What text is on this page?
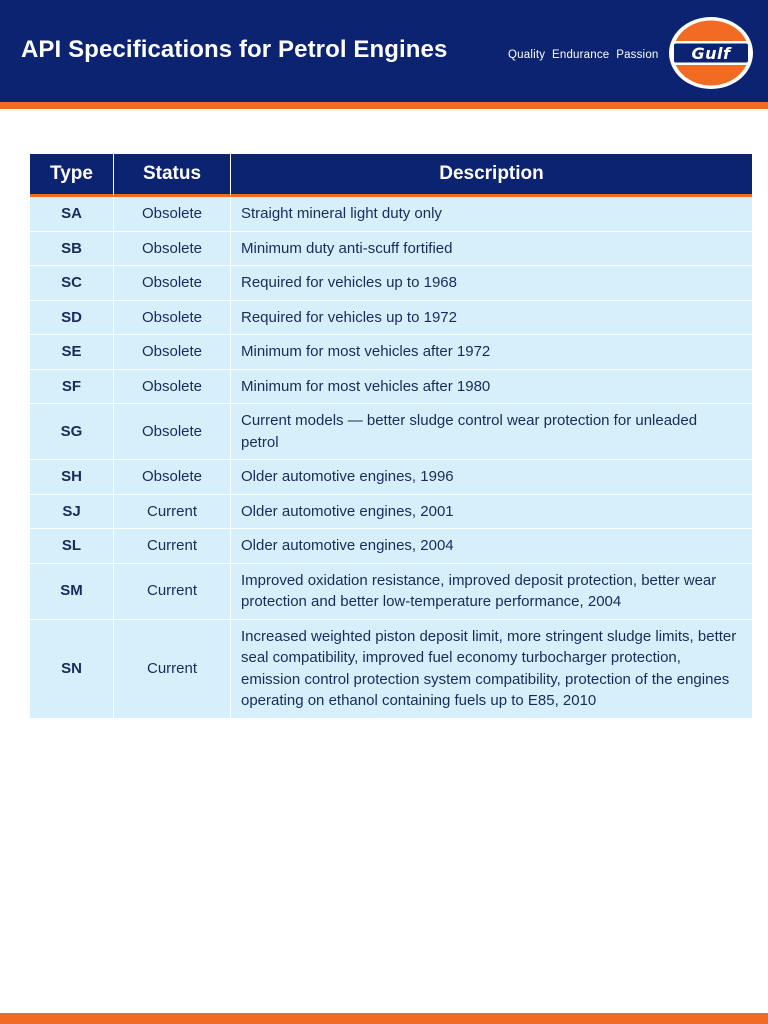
API Specifications for Petrol Engines	Quality  Endurance  Passion Gulf
Type	Status	Description
SA	Obsolete	Straight mineral light duty only
SB	Obsolete	Minimum duty anti-scuff fortified
SC	Obsolete	Required for vehicles up to 1968
SD	Obsolete	Required for vehicles up to 1972
SE	Obsolete	Minimum for most vehicles after 1972
SF	Obsolete	Minimum for most vehicles after 1980
SG	Obsolete	Current models — better sludge control wear protection for unleaded petrol
SH	Obsolete	Older automotive engines, 1996
SJ	Current	Older automotive engines, 2001
SL	Current	Older automotive engines, 2004
SM	Current	Improved oxidation resistance, improved deposit protection, better wear protection and better low-temperature performance, 2004
SN	Current	Increased weighted piston deposit limit, more stringent sludge limits, better seal compatibility, improved fuel economy turbocharger protection, emission control protection system compatibility, protection of the engines operating on ethanol containing fuels up to E85, 2010
